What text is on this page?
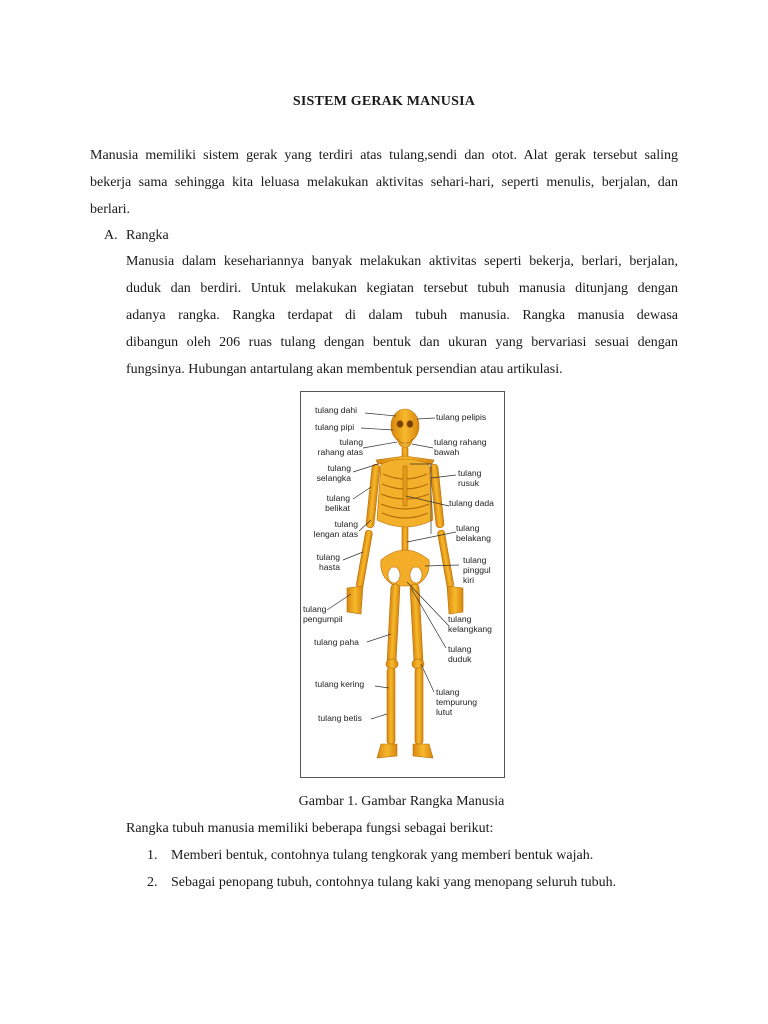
SISTEM GERAK MANUSIA
Manusia memiliki sistem gerak yang terdiri atas tulang,sendi dan otot. Alat gerak tersebut saling
bekerja sama sehingga kita leluasa melakukan aktivitas sehari-hari, seperti menulis, berjalan, dan
berlari.
A. Rangka
Manusia dalam kesehariannya banyak melakukan aktivitas seperti bekerja, berlari, berjalan,
duduk dan berdiri. Untuk melakukan kegiatan tersebut tubuh manusia ditunjang dengan
adanya rangka. Rangka terdapat di dalam tubuh manusia. Rangka manusia dewasa
dibangun oleh 206 ruas tulang dengan bentuk dan ukuran yang bervariasi sesuai dengan
fungsinya. Hubungan antartulang akan membentuk persendian atau artikulasi.
tulang dahi
tulang pipi
tulang
rahang atas
tulang
selangka
tulang
belikat
tulang
lengan atas
tulang
hasta
tulang
pengumpil
tulang paha
tulang kering
tulang betis
tulang pelipis
tulang rahang
bawah
tulang
rusuk
tulang dada
tulang
belakang
tulang
pinggul
kiri
tulang
kelangkang
tulang
duduk
tulang
tempurung
lutut
Gambar 1. Gambar Rangka Manusia
Rangka tubuh manusia memiliki beberapa fungsi sebagai berikut:
1. Memberi bentuk, contohnya tulang tengkorak yang memberi bentuk wajah.
2. Sebagai penopang tubuh, contohnya tulang kaki yang menopang seluruh tubuh.
